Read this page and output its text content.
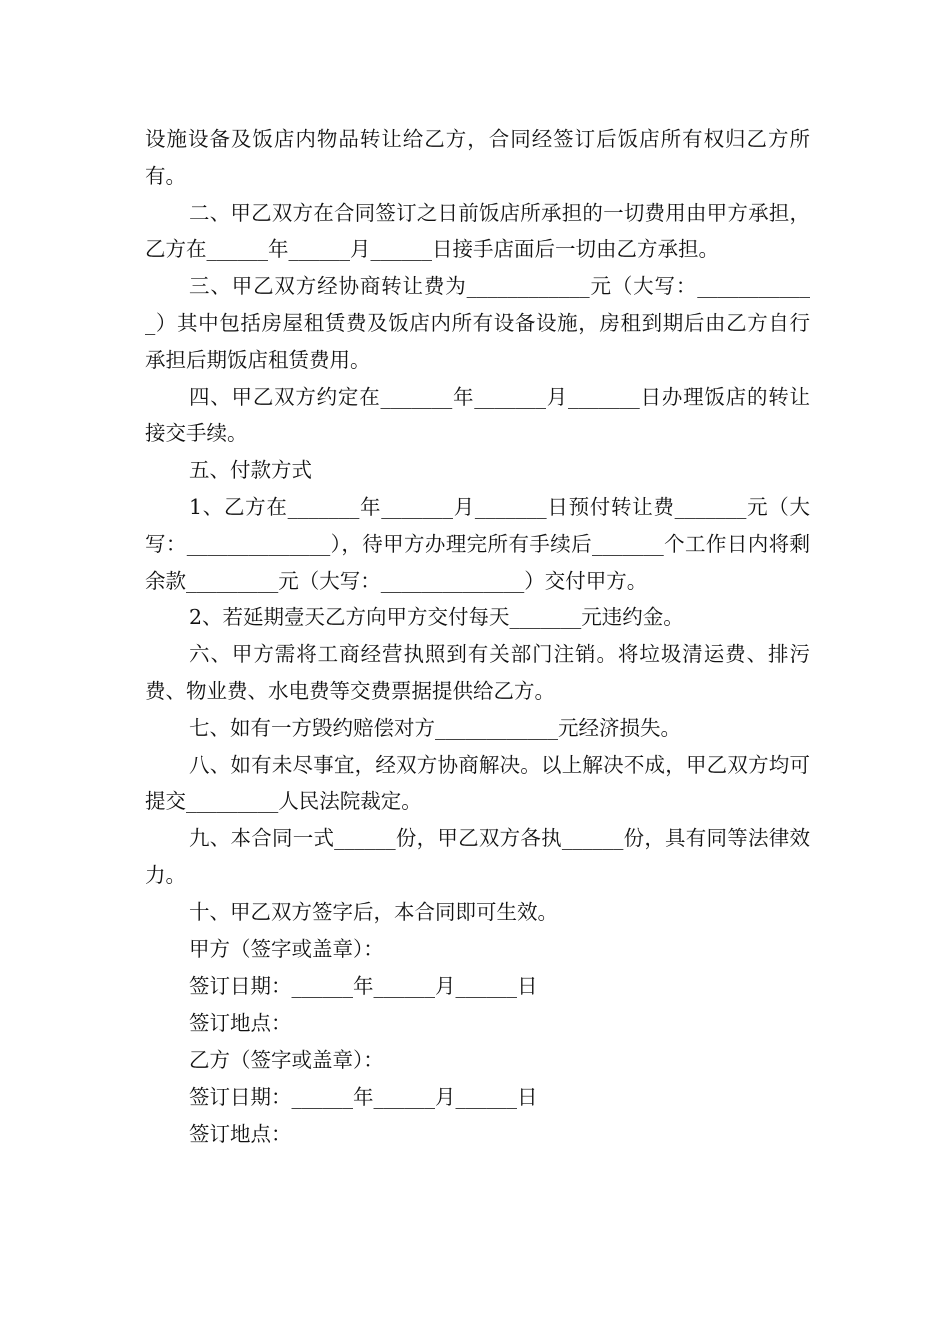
设施设备及饭店内物品转让给乙方，合同经签订后饭店所有权归乙方所有。

二、甲乙双方在合同签订之日前饭店所承担的一切费用由甲方承担，乙方在______年______月______日接手店面后一切由乙方承担。

三、甲乙双方经协商转让费为____________元（大写：____________）其中包括房屋租赁费及饭店内所有设备设施，房租到期后由乙方自行承担后期饭店租赁费用。

四、甲乙双方约定在_______年_______月_______日办理饭店的转让接交手续。

五、付款方式

1、乙方在_______年_______月_______日预付转让费_______元（大写：______________），待甲方办理完所有手续后_______个工作日内将剩余款_________元（大写：______________）交付甲方。

2、若延期壹天乙方向甲方交付每天_______元违约金。

六、甲方需将工商经营执照到有关部门注销。将垃圾清运费、排污费、物业费、水电费等交费票据提供给乙方。

七、如有一方毁约赔偿对方____________元经济损失。

八、如有未尽事宜，经双方协商解决。以上解决不成，甲乙双方均可提交_________人民法院裁定。

九、本合同一式______份，甲乙双方各执______份，具有同等法律效力。

十、甲乙双方签字后，本合同即可生效。

甲方（签字或盖章）：

签订日期：______年______月______日

签订地点：

乙方（签字或盖章）：

签订日期：______年______月______日

签订地点：
